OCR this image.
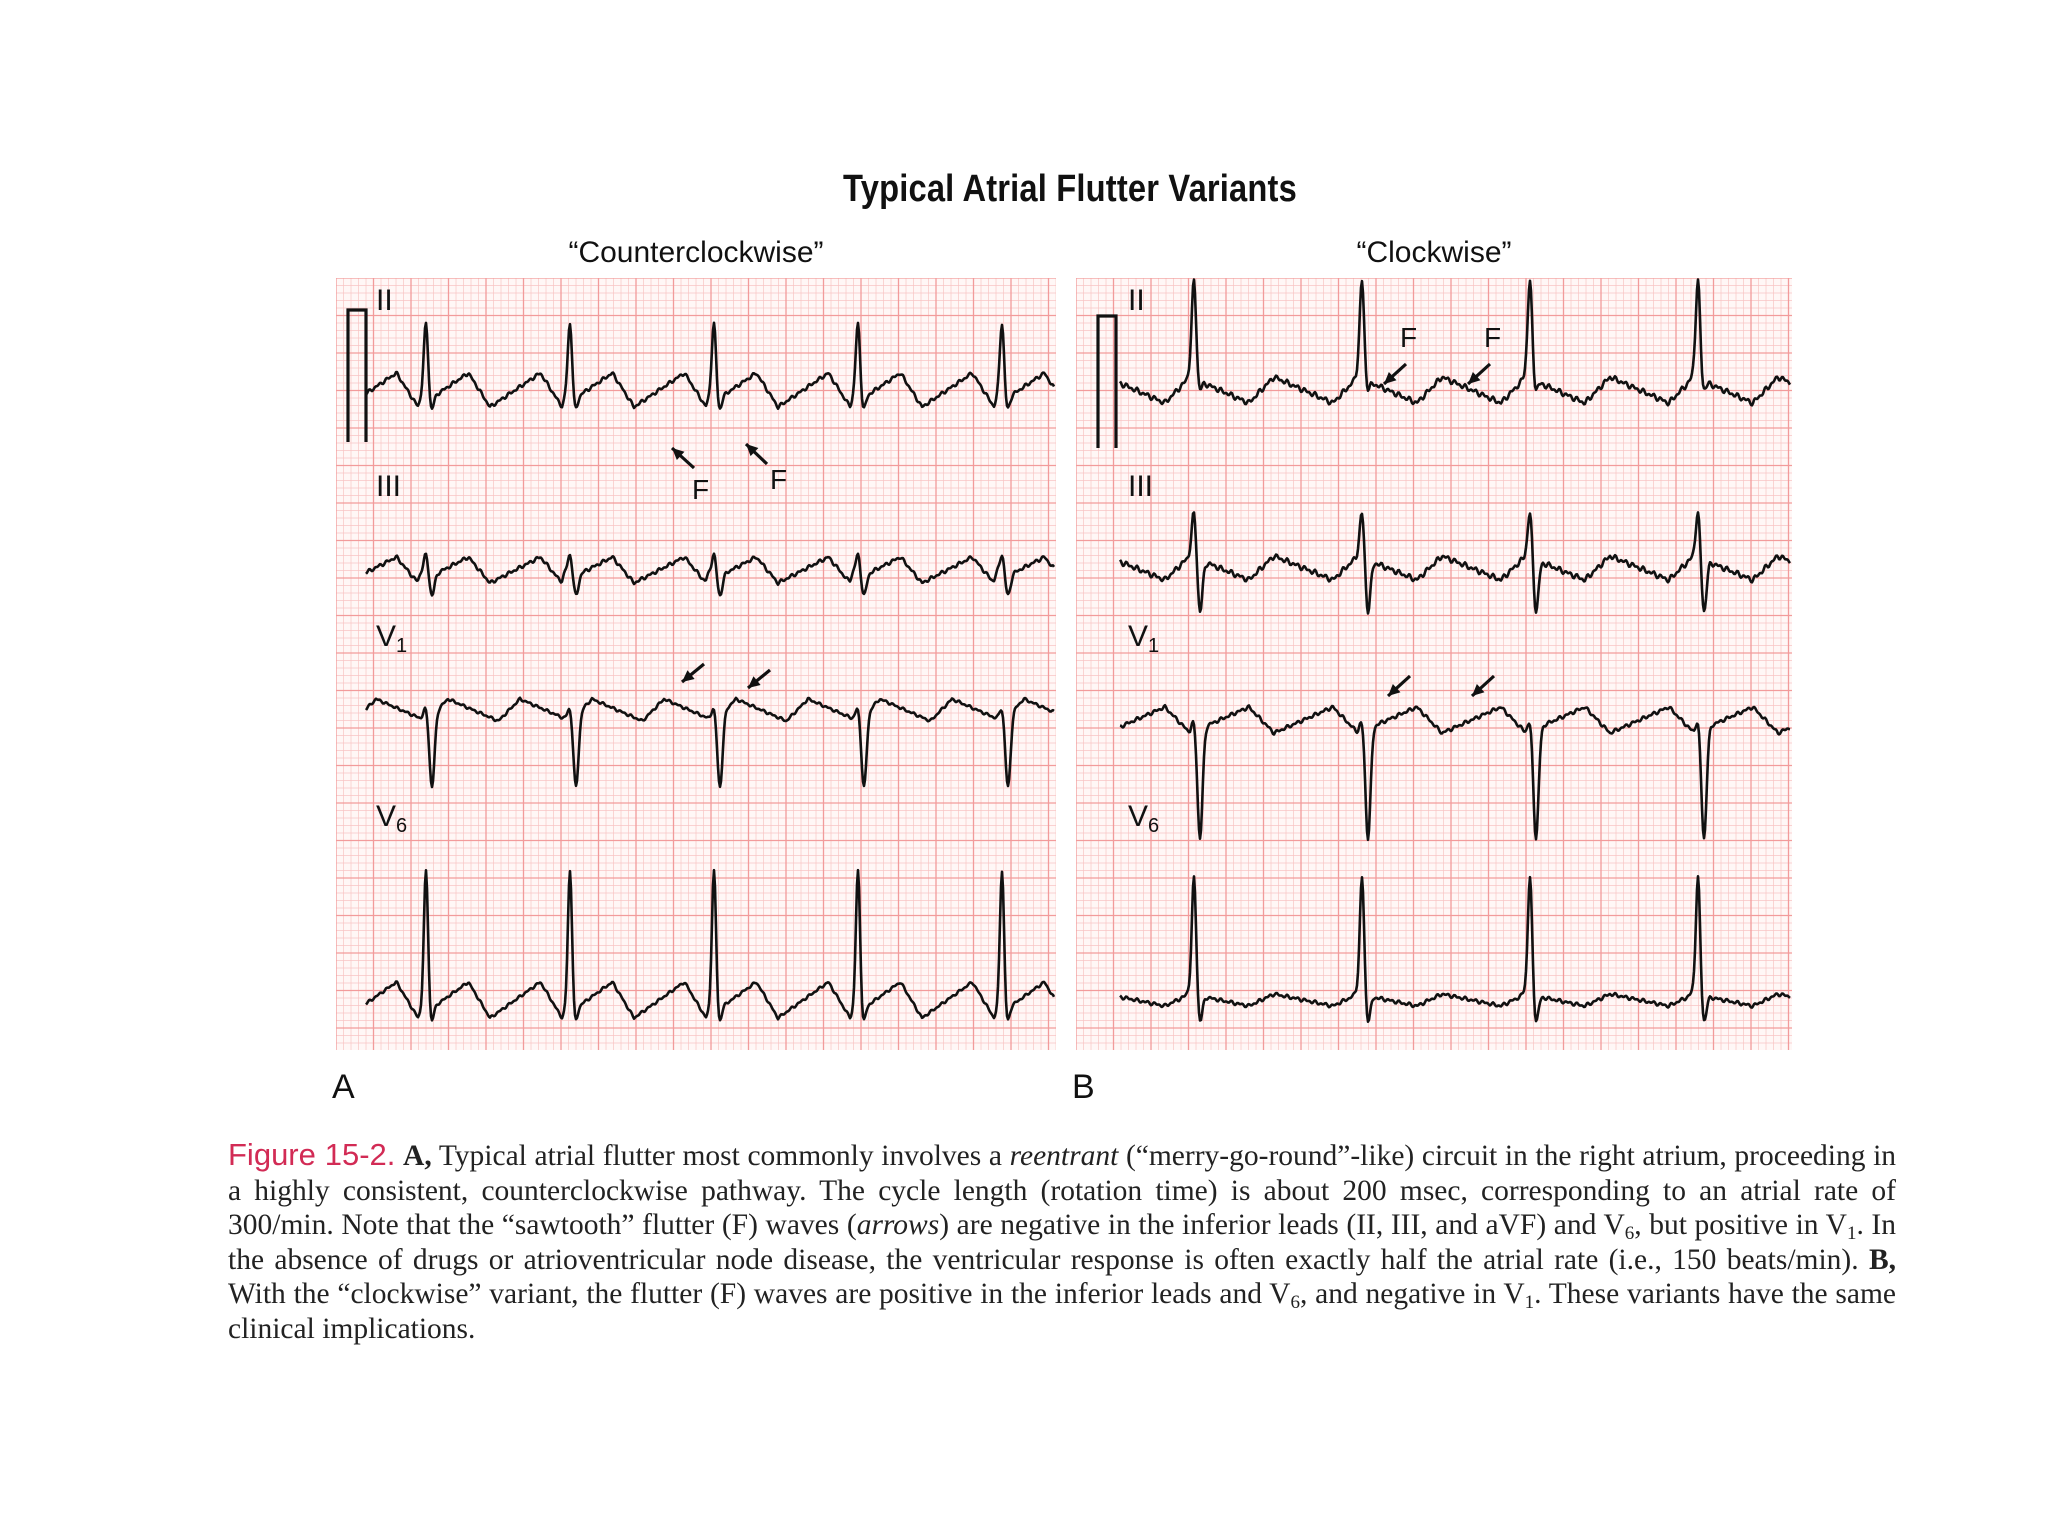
Typical Atrial Flutter Variants
“Counterclockwise”	“Clockwise”
II
III
$V_1$
$V_6$
F F
II
III
$V_1$
$V_6$
F F
A	B
Figure 15-2. A, Typical atrial flutter most commonly involves a reentrant (“merry-go-round”-like) circuit in the right atrium, proceeding in a highly consistent, counterclockwise pathway. The cycle length (rotation time) is about 200 msec, corresponding to an atrial rate of 300/min. Note that the “sawtooth” flutter (F) waves (arrows) are negative in the inferior leads (II, III, and aVF) and $V_6$, but positive in $V_1$. In the absence of drugs or atrioventricular node disease, the ventricular response is often exactly half the atrial rate (i.e., 150 beats/min). B, With the “clockwise” variant, the flutter (F) waves are positive in the inferior leads and $V_6$, and negative in $V_1$. These variants have the same clinical implications.
